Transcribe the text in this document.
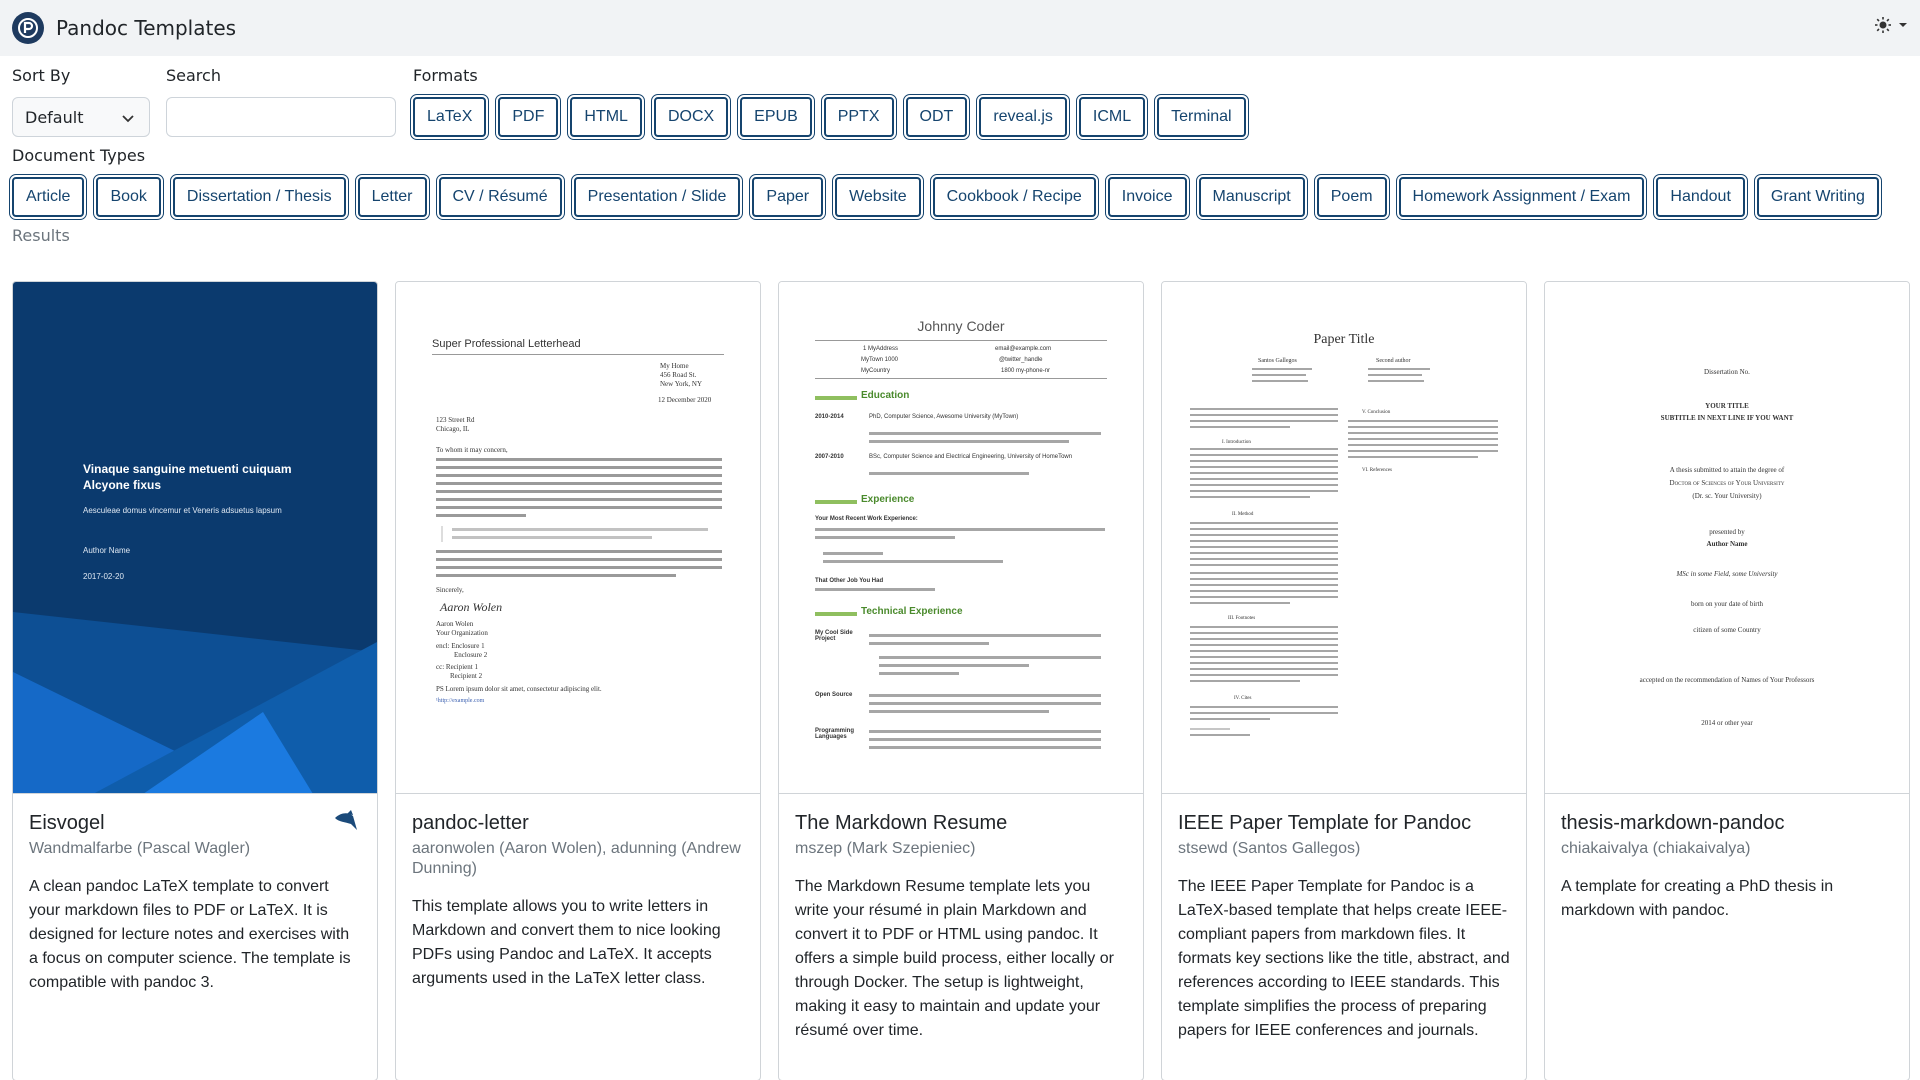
Pandoc Templates
Sort By
Default
Search	Formats
LaTeX	PDF	HTML	DOCX	EPUB	PPTX	ODT	reveal.js	ICML	Terminal
Document Types
Article	Book	Dissertation / Thesis	Letter	CV / Résumé	Presentation / Slide	Paper	Website	Cookbook / Recipe	Invoice	Manuscript	Poem	Homework Assignment / Exam	Handout	Grant Writing
Results
Vinaque sanguine metuenti cuiquam
Alcyone fixus
Aesculeae domus vincemur et Veneris adsuetus lapsum
Author Name
2017-02-20
Eisvogel
Wandmalfarbe (Pascal Wagler)
A clean pandoc LaTeX template to convert your markdown files to PDF or LaTeX. It is designed for lecture notes and exercises with a focus on computer science. The template is compatible with pandoc 3.
Super Professional Letterhead
My Home
456 Road St.
New York, NY
12 December 2020
123 Street Rd
Chicago, IL
To whom it may concern,
Sincerely,
Aaron Wolen
Aaron Wolen
Your Organization
encl: Enclosure 1
Enclosure 2
cc: Recipient 1
Recipient 2
PS Lorem ipsum dolor sit amet, consectetur adipiscing elit.
¹http://example.com
pandoc-letter
aaronwolen (Aaron Wolen), adunning (Andrew Dunning)
This template allows you to write letters in Markdown and convert them to nice looking PDFs using Pandoc and LaTeX. It accepts arguments used in the LaTeX letter class.
Johnny Coder
1 MyAddress	email@example.com
MyTown 1000	@twitter_handle
MyCountry	1800 my-phone-nr
Education
2010-2014	PhD, Computer Science, Awesome University (MyTown)
2007-2010	BSc, Computer Science and Electrical Engineering, University of HomeTown
Experience
Your Most Recent Work Experience:
That Other Job You Had
Technical Experience
My Cool Side Project
Open Source
Programming Languages
The Markdown Resume
mszep (Mark Szepieniec)
The Markdown Resume template lets you write your résumé in plain Markdown and convert it to PDF or HTML using pandoc. It offers a simple build process, either locally or through Docker. The setup is lightweight, making it easy to maintain and update your résumé over time.
Paper Title
Santos Gallegos	Second author
I. Introduction
II. Method
III. Footnotes
IV. Cites
V. Conclusion
VI. References
IEEE Paper Template for Pandoc
stsewd (Santos Gallegos)
The IEEE Paper Template for Pandoc is a LaTeX-based template that helps create IEEE-compliant papers from markdown files. It formats key sections like the title, abstract, and references according to IEEE standards. This template simplifies the process of preparing papers for IEEE conferences and journals.
Dissertation No.
YOUR TITLE
SUBTITLE IN NEXT LINE IF YOU WANT
A thesis submitted to attain the degree of
Doctor of Sciences of Your University
(Dr. sc. Your University)
presented by
Author Name
MSc in some Field, some University
born on your date of birth
citizen of some Country
accepted on the recommendation of Names of Your Professors
2014 or other year
thesis-markdown-pandoc
chiakaivalya (chiakaivalya)
A template for creating a PhD thesis in markdown with pandoc.
